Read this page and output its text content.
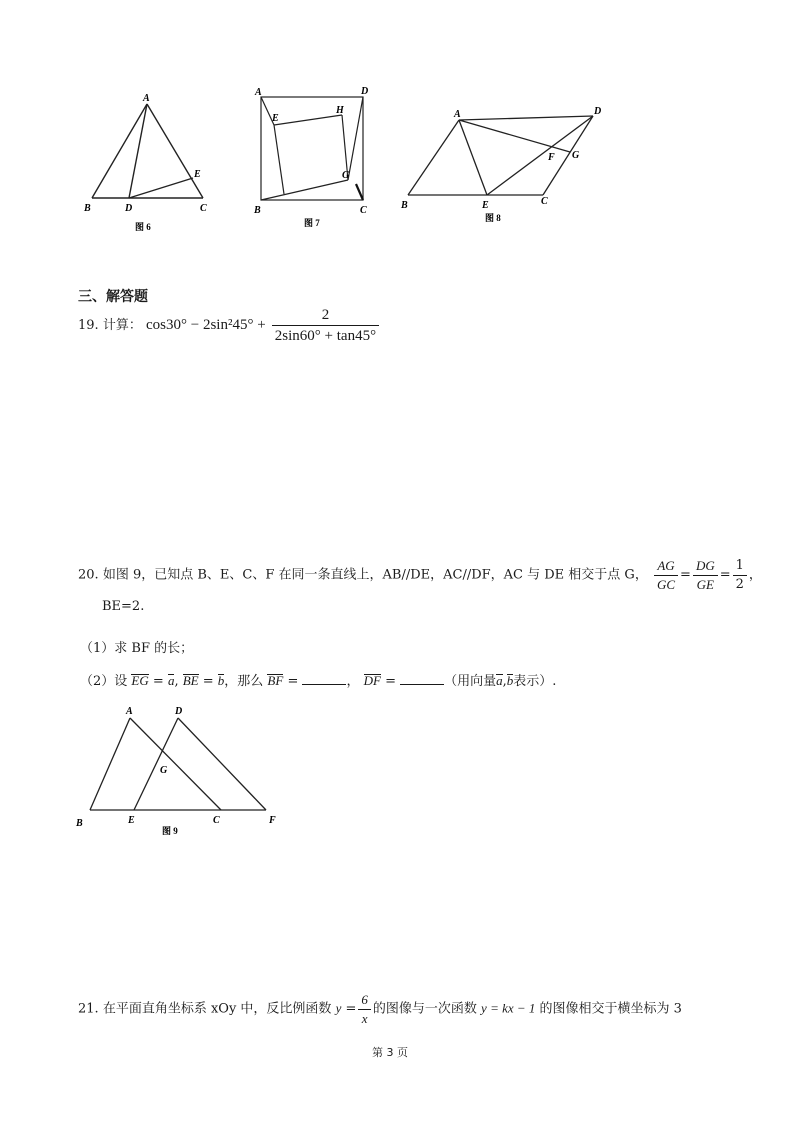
A
B	D	C
E
图 6
A	D
E
H
G
B	C
图 7
A	D
F G
B	E	C
图 8
三、解答题
19. 计算： $\cos 30^\circ - 2\sin^245^\circ + \frac{2}{2\sin 60^\circ + \tan 45^\circ}$
20. 如图 9，已知点 B、E、C、F 在同一条直线上，AB//DE，AC//DF，AC 与 DE 相交于点 G， $\frac{AG}{GC} = \frac{DG}{GE} = \frac{1}{2}$ ，
BE=2.
（1）求 BF 的长；
（2）设 EG = a, BE = b，那么 BF =	， DF =	（用向量a,b表示）.
A	D
G
B	E	C	F
图 9
21. 在平面直角坐标系 xOy 中，反比例函数 $y = \frac{6}{x}$ 的图像与一次函数 y = kx − 1 的图像相交于横坐标为 3
第 3 页
